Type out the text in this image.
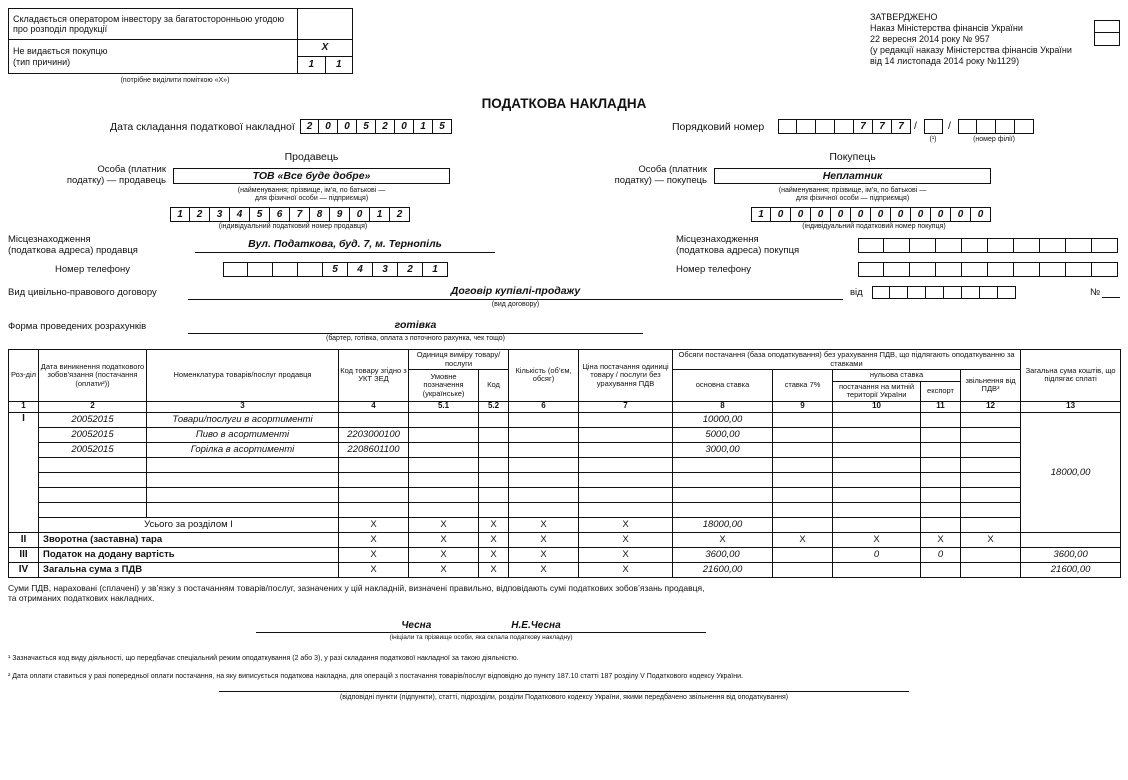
Складається оператором інвестору за багатосторонньою угодою про розподіл продукції	

Не видається покупцю
(тип причини)

X
1	1
(потрібне виділити поміткою «Х»)
ЗАТВЕРДЖЕНО
Наказ Міністерства фінансів України
22 вересня 2014 року № 957
(у редакції наказу Міністерства фінансів України
від 14 листопада 2014 року №1129)
ПОДАТКОВА НАКЛАДНА
Дата складання податкової накладної	2	0	0	5	2	0	1	5	Порядковий номер	7	7	7 /	/
(¹)	(номер філії)
Продавець
Особа (платник
податку) — продавець	ТОВ «Все буде добре»
(найменування; прізвище, ім’я, по батькові —
для фізичної особи — підприємця)
1	2	3	4	5	6	7	8	9	0	1	2
(індивідуальний податковий номер продавця)
Місцезнаходження
(податкова адреса) продавця	Вул. Податкова, буд. 7, м. Тернопіль
Номер телефону	5	4	3	2	1
Покупець
Особа (платник
податку) — покупець	Неплатник
(найменування; прізвище, ім’я, по батькові —
для фізичної особи — підприємця)
1	0	0	0	0	0	0	0	0	0	0	0
(індивідуальний податковий номер покупця)
Місцезнаходження
(податкова адреса) покупця
Номер телефону
Вид цивільно-правового договору	Договір купівлі-продажу
(вид договору)
від	№
Форма проведених розрахунків	готівка
(бартер, готівка, оплата з поточного рахунка, чек тощо)
Роз-діл	Дата виникнення податкового зобов’язання (постачання (оплати²))	Номенклатура товарів/послуг продавця	Код товару згідно з УКТ ЗЕД	Одиниця виміру товару/послуги		Кількість (об’єм, обсяг)	Ціна постачання одиниці товару / послуги без урахування ПДВ	Обсяги постачання (база оподаткування) без урахування ПДВ, що підлягають оподаткуванню за ставками					Загальна сума коштів, що підлягає сплаті
				Умовне позначення (українське)	Код			основна ставка	ставка 7%	нульова ставка		звільнення від ПДВ³	
										постачання на митній території України	експорт		
1	2	3	4	5.1	5.2	6	7	8	9	10	11	12	13
I	20052015	Товари/послуги в асортименті						10000,00					18000,00
	20052015	Пиво в асортименті	2203000100					5000,00					
	20052015	Горілка в асортименті	2208601100					3000,00					

	Усього за розділом I		X	X	X	X	X	18000,00					
II	Зворотна (заставна) тара		X	X	X	X	X	X	X	X	X	X	
III	Податок на додану вартість		X	X	X	X	X	3600,00		0	0		3600,00
IV	Загальна сума з ПДВ		X	X	X	X	X	21600,00					21600,00
Суми ПДВ, нараховані (сплачені) у зв’язку з постачанням товарів/послуг, зазначених у цій накладній, визначені правильно, відповідають сумі податкових зобов’язань продавця,
та отриманих податкових накладних.
Чесна	Н.Е.Чесна
(ініціали та прізвище особи, яка склала податкову накладну)
¹ Зазначається код виду діяльності, що передбачає спеціальний режим оподаткування (2 або 3), у разі складання податкової накладної за такою діяльністю.
² Дата оплати ставиться у разі попередньої оплати постачання, на яку виписується податкова накладна, для операцій з постачання товарів/послуг відповідно до пункту 187.10 статті 187 розділу V Податкового кодексу України.
(відповідні пункти (підпункти), статті, підрозділи, розділи Податкового кодексу України, якими передбачено звільнення від оподаткування)
